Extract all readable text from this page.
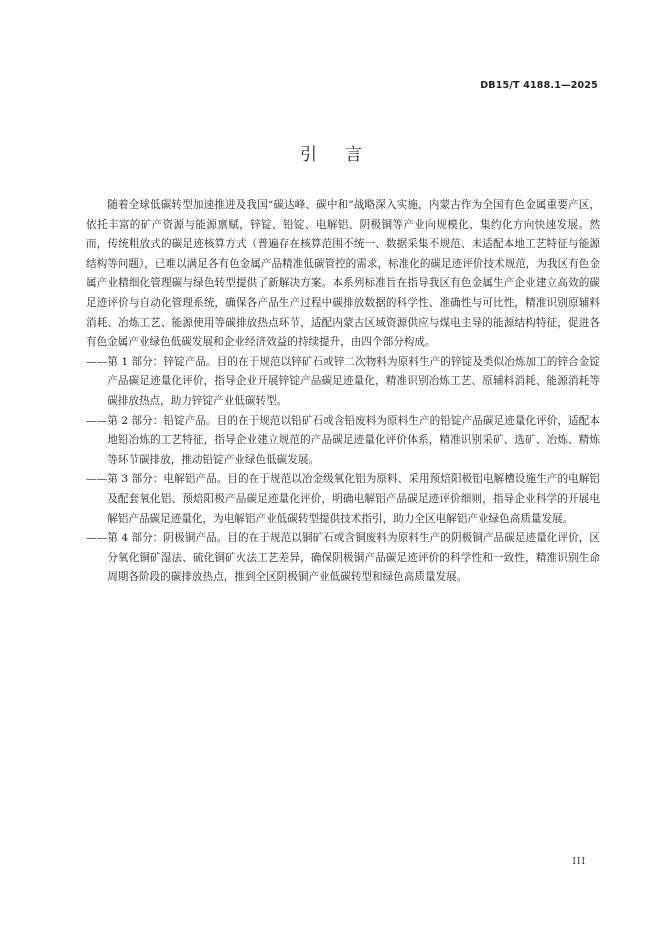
DB15/T 4188.1—2025
引言

随着全球低碳转型加速推进及我国“碳达峰、碳中和”战略深入实施，内蒙古作为全国有色金属重要产区，依托丰富的矿产资源与能源禀赋，锌锭、铅锭、电解铝、阴极铜等产业向规模化、集约化方向快速发展。然而，传统粗放式的碳足迹核算方式（普遍存在核算范围不统一、数据采集不规范、未适配本地工艺特征与能源结构等问题），已难以满足各有色金属产品精准低碳管控的需求，标准化的碳足迹评价技术规范，为我区有色金属产业精细化管理碳与绿色转型提供了新解决方案。本系列标准旨在指导我区有色金属生产企业建立高效的碳足迹评价与自动化管理系统，确保各产品生产过程中碳排放数据的科学性、准确性与可比性，精准识别原辅料消耗、冶炼工艺、能源使用等碳排放热点环节，适配内蒙古区域资源供应与煤电主导的能源结构特征，促进各有色金属产业绿色低碳发展和企业经济效益的持续提升，由四个部分构成。

——第 1 部分：锌锭产品。目的在于规范以锌矿石或锌二次物料为原料生产的锌锭及类似冶炼加工的锌合金锭产品碳足迹量化评价，指导企业开展锌锭产品碳足迹量化，精准识别冶炼工艺、原辅料消耗、能源消耗等碳排放热点，助力锌锭产业低碳转型。

——第 2 部分：铅锭产品。目的在于规范以铅矿石或含铅废料为原料生产的铅锭产品碳足迹量化评价，适配本地铅冶炼的工艺特征，指导企业建立规范的产品碳足迹量化评价体系，精准识别采矿、选矿、冶炼、精炼等环节碳排放，推动铅锭产业绿色低碳发展。

——第 3 部分：电解铝产品。目的在于规范以冶金级氧化铝为原料、采用预焙阳极铝电解槽设施生产的电解铝及配套氧化铝、预焙阳极产品碳足迹量化评价，明确电解铝产品碳足迹评价细则，指导企业科学的开展电解铝产品碳足迹量化，为电解铝产业低碳转型提供技术指引，助力全区电解铝产业绿色高质量发展。

——第 4 部分：阴极铜产品。目的在于规范以铜矿石或含铜废料为原料生产的阴极铜产品碳足迹量化评价，区分氧化铜矿湿法、硫化铜矿火法工艺差异，确保阴极铜产品碳足迹评价的科学性和一致性，精准识别生命周期各阶段的碳排放热点，推到全区阴极铜产业低碳转型和绿色高质量发展。

III
